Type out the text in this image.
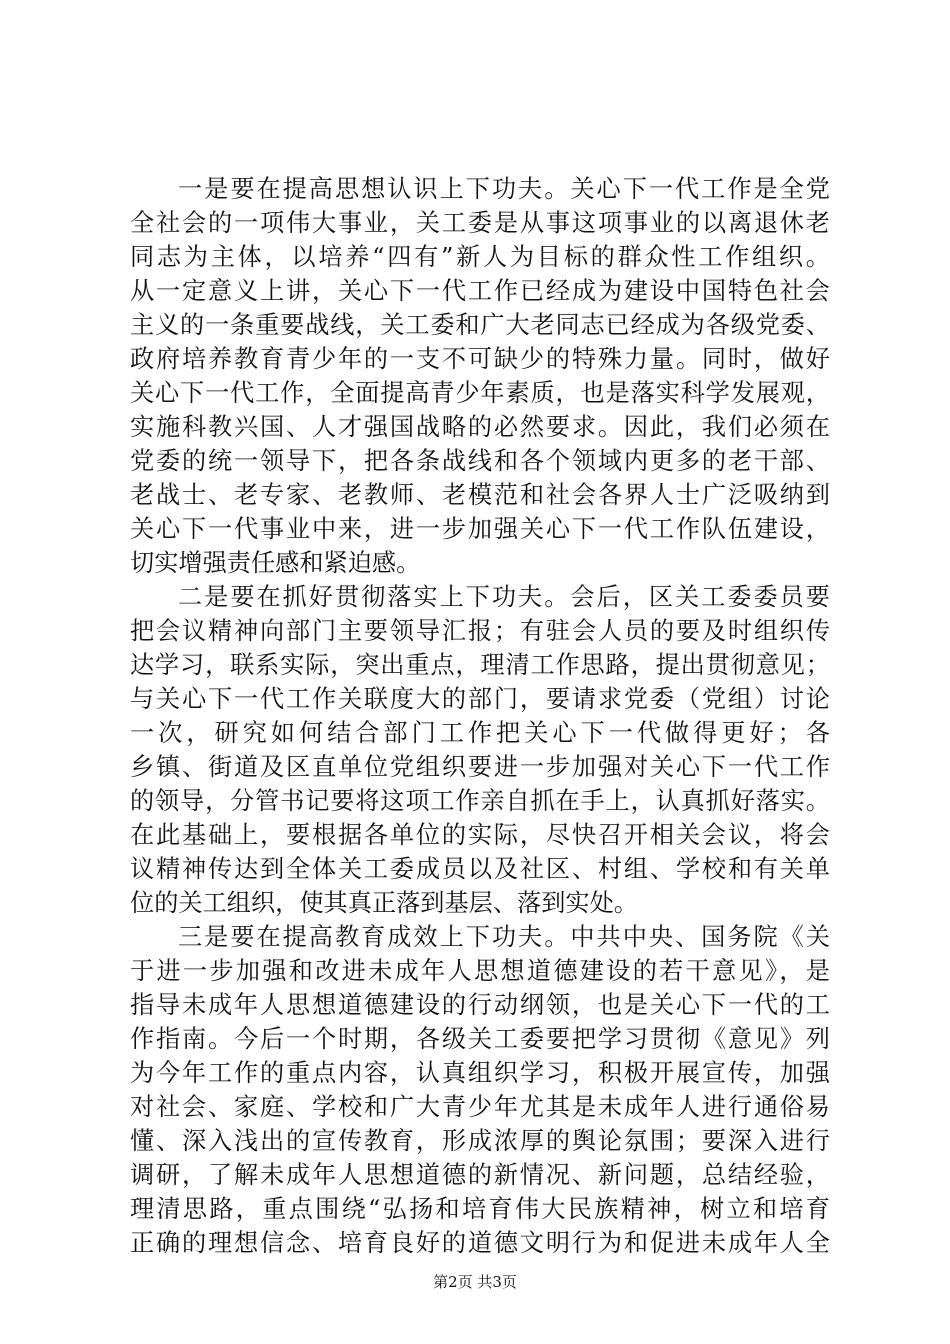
一是要在提高思想认识上下功夫。关心下一代工作是全党
全社会的一项伟大事业，关工委是从事这项事业的以离退休老
同志为主体，以培养“四有”新人为目标的群众性工作组织。
从一定意义上讲，关心下一代工作已经成为建设中国特色社会
主义的一条重要战线，关工委和广大老同志已经成为各级党委、
政府培养教育青少年的一支不可缺少的特殊力量。同时，做好
关心下一代工作，全面提高青少年素质，也是落实科学发展观，
实施科教兴国、人才强国战略的必然要求。因此，我们必须在
党委的统一领导下，把各条战线和各个领域内更多的老干部、
老战士、老专家、老教师、老模范和社会各界人士广泛吸纳到
关心下一代事业中来，进一步加强关心下一代工作队伍建设，
切实增强责任感和紧迫感。
二是要在抓好贯彻落实上下功夫。会后，区关工委委员要
把会议精神向部门主要领导汇报；有驻会人员的要及时组织传
达学习，联系实际，突出重点，理清工作思路，提出贯彻意见；
与关心下一代工作关联度大的部门，要请求党委（党组）讨论
一次，研究如何结合部门工作把关心下一代做得更好；各
乡镇、街道及区直单位党组织要进一步加强对关心下一代工作
的领导，分管书记要将这项工作亲自抓在手上，认真抓好落实。
在此基础上，要根据各单位的实际，尽快召开相关会议，将会
议精神传达到全体关工委成员以及社区、村组、学校和有关单
位的关工组织，使其真正落到基层、落到实处。
三是要在提高教育成效上下功夫。中共中央、国务院《关
于进一步加强和改进未成年人思想道德建设的若干意见》，是
指导未成年人思想道德建设的行动纲领，也是关心下一代的工
作指南。今后一个时期，各级关工委要把学习贯彻《意见》列
为今年工作的重点内容，认真组织学习，积极开展宣传，加强
对社会、家庭、学校和广大青少年尤其是未成年人进行通俗易
懂、深入浅出的宣传教育，形成浓厚的舆论氛围；要深入进行
调研，了解未成年人思想道德的新情况、新问题，总结经验，
理清思路，重点围绕“弘扬和培育伟大民族精神，树立和培育
正确的理想信念、培育良好的道德文明行为和促进未成年人全
第2页 共3页
